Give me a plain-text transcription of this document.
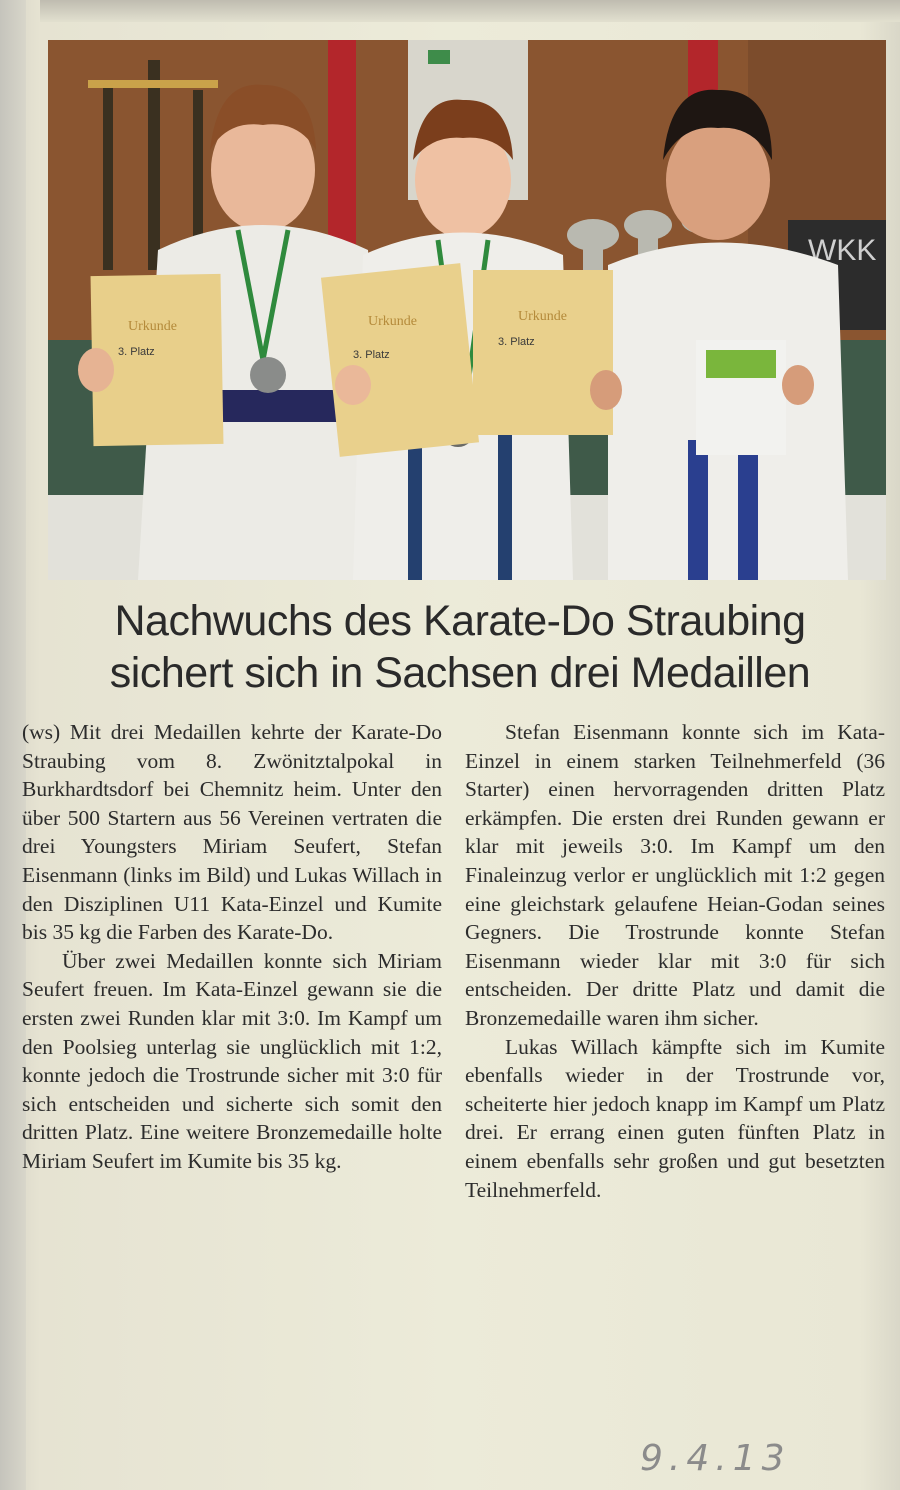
WKK
Urkunde
3. Platz
Urkunde
3. Platz
Urkunde
3. Platz
Nachwuchs des Karate-Do Straubing
sichert sich in Sachsen drei Medaillen

(ws) Mit drei Medaillen kehrte der Karate-Do Straubing vom 8. Zwönitztalpokal in Burkhardtsdorf bei Chemnitz heim. Unter den über 500 Startern aus 56 Vereinen vertraten die drei Youngsters Miriam Seufert, Stefan Eisenmann (links im Bild) und Lukas Willach in den Disziplinen U11 Kata-Einzel und Kumite bis 35 kg die Farben des Karate-Do.

Über zwei Medaillen konnte sich Miriam Seufert freuen. Im Kata-Einzel gewann sie die ersten zwei Runden klar mit 3:0. Im Kampf um den Poolsieg unterlag sie unglücklich mit 1:2, konnte jedoch die Trostrunde sicher mit 3:0 für sich entscheiden und sicherte sich somit den dritten Platz. Eine weitere Bronzemedaille holte Miriam Seufert im Kumite bis 35 kg.

Stefan Eisenmann konnte sich im Kata-Einzel in einem starken Teilnehmerfeld (36 Starter) einen hervorragenden dritten Platz erkämpfen. Die ersten drei Runden gewann er klar mit jeweils 3:0. Im Kampf um den Finaleinzug verlor er unglücklich mit 1:2 gegen eine gleichstark gelaufene Heian-Godan seines Gegners. Die Trostrunde konnte Stefan Eisenmann wieder klar mit 3:0 für sich entscheiden. Der dritte Platz und damit die Bronzemedaille waren ihm sicher.

Lukas Willach kämpfte sich im Kumite ebenfalls wieder in der Trostrunde vor, scheiterte hier jedoch knapp im Kampf um Platz drei. Er errang einen guten fünften Platz in einem ebenfalls sehr großen und gut besetzten Teilnehmerfeld.

9.4.13
